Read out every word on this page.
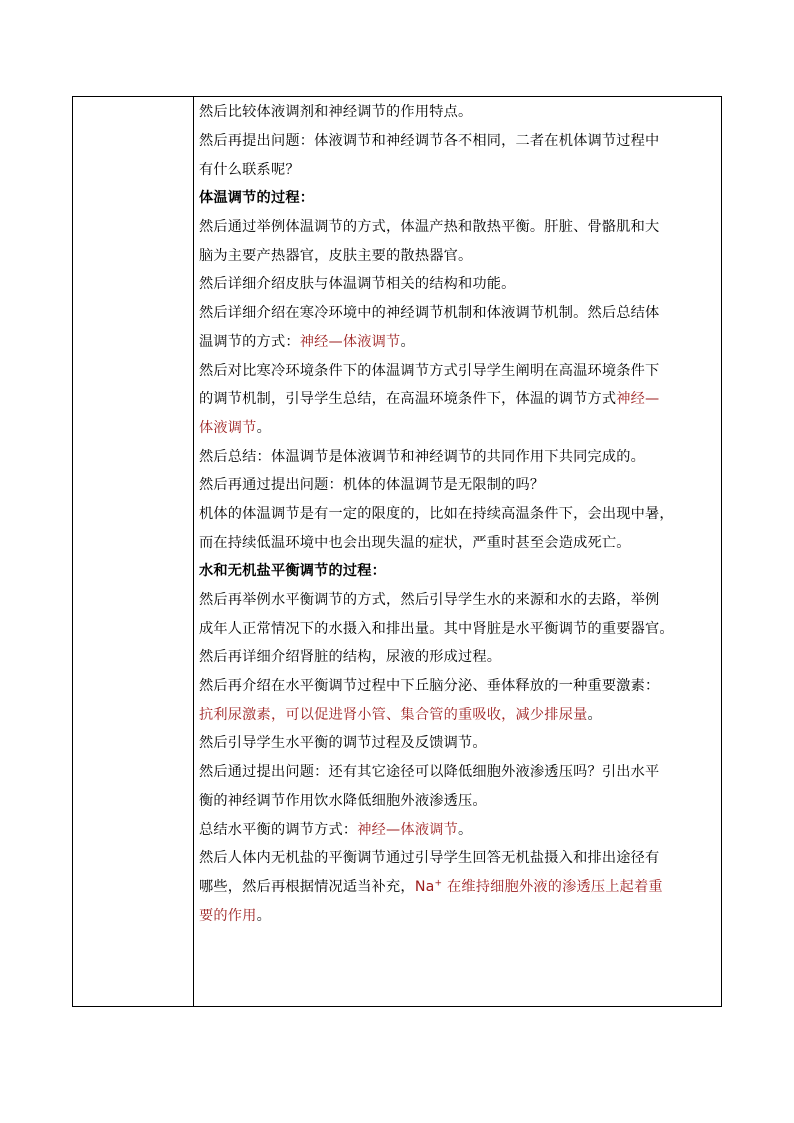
然后比较体液调剂和神经调节的作用特点。
然后再提出问题：体液调节和神经调节各不相同，二者在机体调节过程中
有什么联系呢？
体温调节的过程：
然后通过举例体温调节的方式，体温产热和散热平衡。肝脏、骨骼肌和大
脑为主要产热器官，皮肤主要的散热器官。
然后详细介绍皮肤与体温调节相关的结构和功能。
然后详细介绍在寒冷环境中的神经调节机制和体液调节机制。然后总结体
温调节的方式：神经—体液调节。
然后对比寒冷环境条件下的体温调节方式引导学生阐明在高温环境条件下
的调节机制，引导学生总结，在高温环境条件下，体温的调节方式神经—
体液调节。
然后总结：体温调节是体液调节和神经调节的共同作用下共同完成的。
然后再通过提出问题：机体的体温调节是无限制的吗？
机体的体温调节是有一定的限度的，比如在持续高温条件下，会出现中暑，
而在持续低温环境中也会出现失温的症状，严重时甚至会造成死亡。
水和无机盐平衡调节的过程：
然后再举例水平衡调节的方式，然后引导学生水的来源和水的去路，举例
成年人正常情况下的水摄入和排出量。其中肾脏是水平衡调节的重要器官。
然后再详细介绍肾脏的结构，尿液的形成过程。
然后再介绍在水平衡调节过程中下丘脑分泌、垂体释放的一种重要激素：
抗利尿激素，可以促进肾小管、集合管的重吸收，减少排尿量。
然后引导学生水平衡的调节过程及反馈调节。
然后通过提出问题：还有其它途径可以降低细胞外液渗透压吗？引出水平
衡的神经调节作用饮水降低细胞外液渗透压。
总结水平衡的调节方式：神经—体液调节。
然后人体内无机盐的平衡调节通过引导学生回答无机盐摄入和排出途径有
哪些，然后再根据情况适当补充，Na+ 在维持细胞外液的渗透压上起着重
要的作用。
